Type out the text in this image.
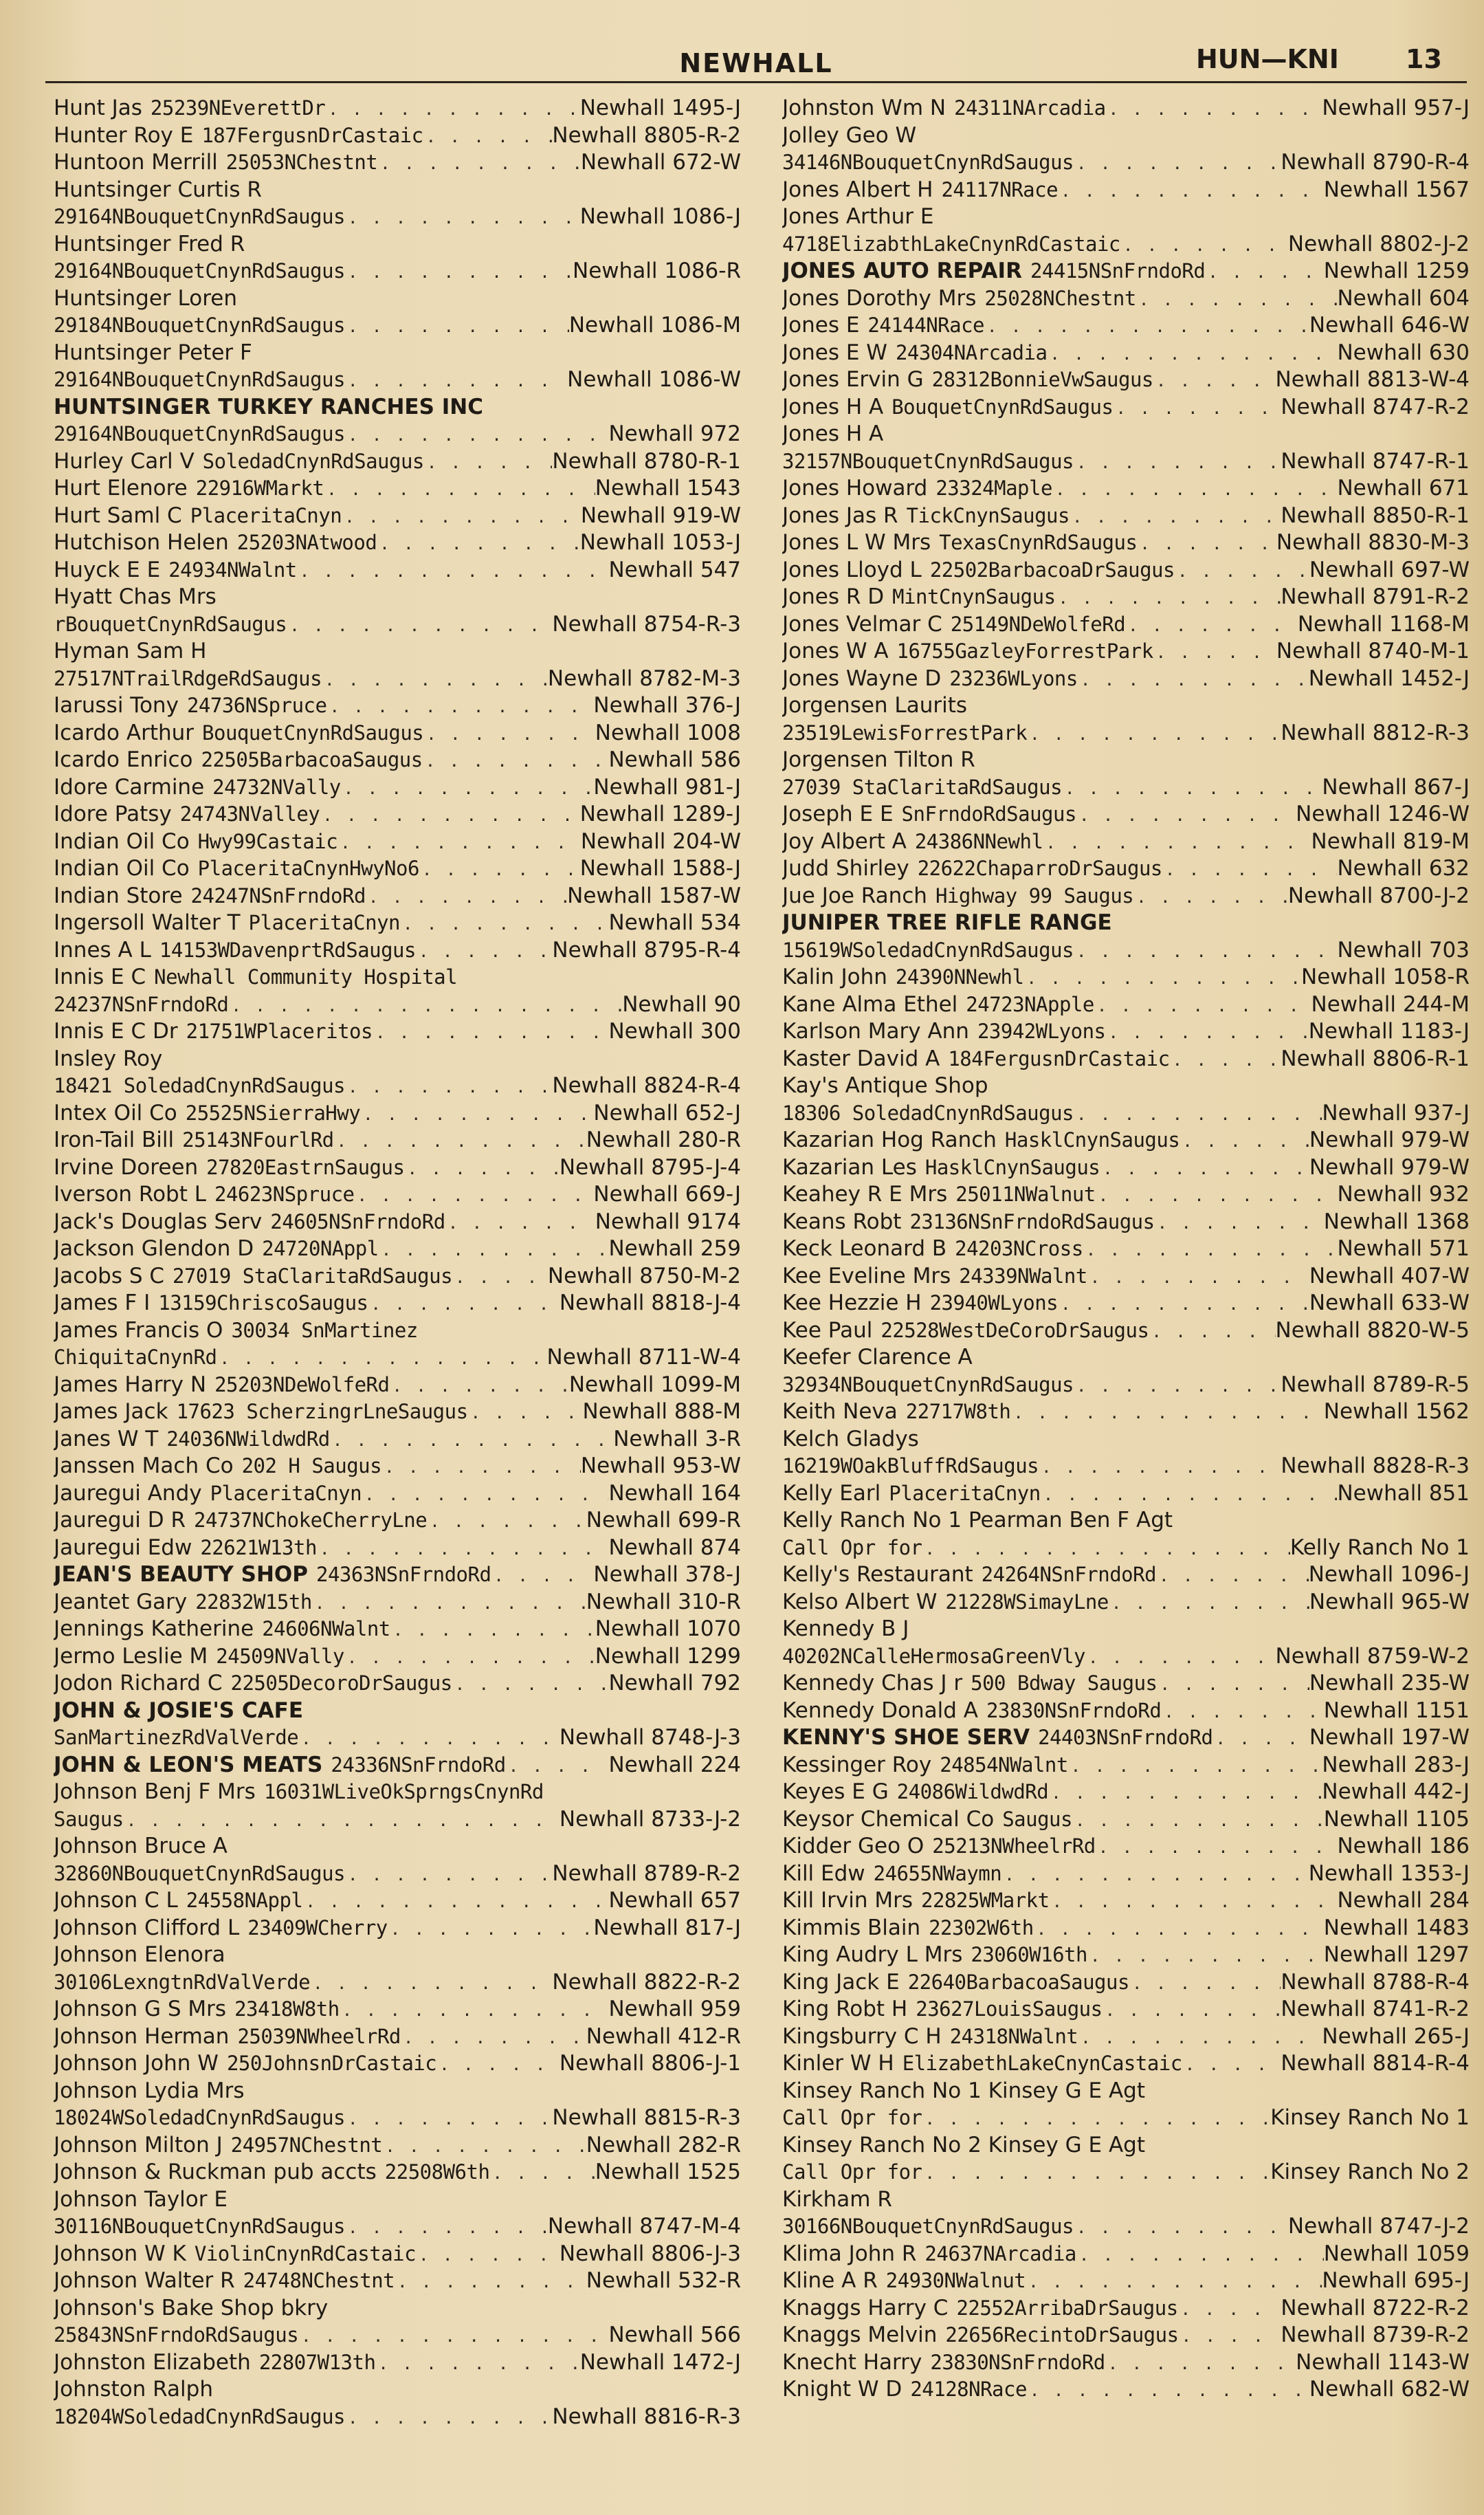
NEWHALL	HUN—KNI	13
Hunt Jas 25239NEverettDr . . .	Newhall 1495-J
Hunter Roy E 187FergusnDrCastaic . . .	Newhall 8805-R-2
Huntoon Merrill 25053NChestnt . . .	Newhall 672-W
Huntsinger Curtis R
29164NBouquetCnynRdSaugus . . .	Newhall 1086-J
Huntsinger Fred R
29164NBouquetCnynRdSaugus . . .	Newhall 1086-R
Huntsinger Loren
29184NBouquetCnynRdSaugus . . .	Newhall 1086-M
Huntsinger Peter F
29164NBouquetCnynRdSaugus . . .	Newhall 1086-W
HUNTSINGER TURKEY RANCHES INC
29164NBouquetCnynRdSaugus . . .	Newhall 972
Hurley Carl V SoledadCnynRdSaugus . . .	Newhall 8780-R-1
Hurt Elenore 22916WMarkt . . .	Newhall 1543
Hurt Saml C PlaceritaCnyn . . .	Newhall 919-W
Hutchison Helen 25203NAtwood . . .	Newhall 1053-J
Huyck E E 24934NWalnt . . .	Newhall 547
Hyatt Chas Mrs
rBouquetCnynRdSaugus . . .	Newhall 8754-R-3
Hyman Sam H
27517NTrailRdgeRdSaugus . . .	Newhall 8782-M-3
Iarussi Tony 24736NSpruce . . .	Newhall 376-J
Icardo Arthur BouquetCnynRdSaugus . . .	Newhall 1008
Icardo Enrico 22505BarbacoaSaugus . . .	Newhall 586
Idore Carmine 24732NVally . . .	Newhall 981-J
Idore Patsy 24743NValley . . .	Newhall 1289-J
Indian Oil Co Hwy99Castaic . . .	Newhall 204-W
Indian Oil Co PlaceritaCnynHwyNo6 . . .	Newhall 1588-J
Indian Store 24247NSnFrndoRd . . .	Newhall 1587-W
Ingersoll Walter T PlaceritaCnyn . . .	Newhall 534
Innes A L 14153WDavenprtRdSaugus . . .	Newhall 8795-R-4
Innis E C Newhall Community Hospital
24237NSnFrndoRd . . .	Newhall 90
Innis E C Dr 21751WPlaceritos . . .	Newhall 300
Insley Roy
18421 SoledadCnynRdSaugus . . .	Newhall 8824-R-4
Intex Oil Co 25525NSierraHwy . . .	Newhall 652-J
Iron-Tail Bill 25143NFourlRd . . .	Newhall 280-R
Irvine Doreen 27820EastrnSaugus . . .	Newhall 8795-J-4
Iverson Robt L 24623NSpruce . . .	Newhall 669-J
Jack's Douglas Serv 24605NSnFrndoRd . . .	Newhall 9174
Jackson Glendon D 24720NAppl . . .	Newhall 259
Jacobs S C 27019 StaClaritaRdSaugus . . .	Newhall 8750-M-2
James F I 13159ChriscoSaugus . . .	Newhall 8818-J-4
James Francis O 30034 SnMartinez
ChiquitaCnynRd . . .	Newhall 8711-W-4
James Harry N 25203NDeWolfeRd . . .	Newhall 1099-M
James Jack 17623 ScherzingrLneSaugus . . .	Newhall 888-M
Janes W T 24036NWildwdRd . . .	Newhall 3-R
Janssen Mach Co 202 H Saugus . . .	Newhall 953-W
Jauregui Andy PlaceritaCnyn . . .	Newhall 164
Jauregui D R 24737NChokeCherryLne . . .	Newhall 699-R
Jauregui Edw 22621W13th . . .	Newhall 874
JEAN'S BEAUTY SHOP 24363NSnFrndoRd . . .	Newhall 378-J
Jeantet Gary 22832W15th . . .	Newhall 310-R
Jennings Katherine 24606NWalnt . . .	Newhall 1070
Jermo Leslie M 24509NVally . . .	Newhall 1299
Jodon Richard C 22505DecoroDrSaugus . . .	Newhall 792
JOHN & JOSIE'S CAFE
SanMartinezRdValVerde . . .	Newhall 8748-J-3
JOHN & LEON'S MEATS 24336NSnFrndoRd . . .	Newhall 224
Johnson Benj F Mrs 16031WLiveOkSprngsCnynRd
Saugus . . .	Newhall 8733-J-2
Johnson Bruce A
32860NBouquetCnynRdSaugus . . .	Newhall 8789-R-2
Johnson C L 24558NAppl . . .	Newhall 657
Johnson Clifford L 23409WCherry . . .	Newhall 817-J
Johnson Elenora
30106LexngtnRdValVerde . . .	Newhall 8822-R-2
Johnson G S Mrs 23418W8th . . .	Newhall 959
Johnson Herman 25039NWheelrRd . . .	Newhall 412-R
Johnson John W 250JohnsnDrCastaic . . .	Newhall 8806-J-1
Johnson Lydia Mrs
18024WSoledadCnynRdSaugus . . .	Newhall 8815-R-3
Johnson Milton J 24957NChestnt . . .	Newhall 282-R
Johnson & Ruckman pub accts 22508W6th . . .	Newhall 1525
Johnson Taylor E
30116NBouquetCnynRdSaugus . . .	Newhall 8747-M-4
Johnson W K ViolinCnynRdCastaic . . .	Newhall 8806-J-3
Johnson Walter R 24748NChestnt . . .	Newhall 532-R
Johnson's Bake Shop bkry
25843NSnFrndoRdSaugus . . .	Newhall 566
Johnston Elizabeth 22807W13th . . .	Newhall 1472-J
Johnston Ralph
18204WSoledadCnynRdSaugus . . .	Newhall 8816-R-3
Johnston Wm N 24311NArcadia . . .	Newhall 957-J
Jolley Geo W
34146NBouquetCnynRdSaugus . . .	Newhall 8790-R-4
Jones Albert H 24117NRace . . .	Newhall 1567
Jones Arthur E
4718ElizabthLakeCnynRdCastaic . . .	Newhall 8802-J-2
JONES AUTO REPAIR 24415NSnFrndoRd . . .	Newhall 1259
Jones Dorothy Mrs 25028NChestnt . . .	Newhall 604
Jones E 24144NRace . . .	Newhall 646-W
Jones E W 24304NArcadia . . .	Newhall 630
Jones Ervin G 28312BonnieVwSaugus . . .	Newhall 8813-W-4
Jones H A BouquetCnynRdSaugus . . .	Newhall 8747-R-2
Jones H A
32157NBouquetCnynRdSaugus . . .	Newhall 8747-R-1
Jones Howard 23324Maple . . .	Newhall 671
Jones Jas R TickCnynSaugus . . .	Newhall 8850-R-1
Jones L W Mrs TexasCnynRdSaugus . . .	Newhall 8830-M-3
Jones Lloyd L 22502BarbacoaDrSaugus . . .	Newhall 697-W
Jones R D MintCnynSaugus . . .	Newhall 8791-R-2
Jones Velmar C 25149NDeWolfeRd . . .	Newhall 1168-M
Jones W A 16755GazleyForrestPark . . .	Newhall 8740-M-1
Jones Wayne D 23236WLyons . . .	Newhall 1452-J
Jorgensen Laurits
23519LewisForrestPark . . .	Newhall 8812-R-3
Jorgensen Tilton R
27039 StaClaritaRdSaugus . . .	Newhall 867-J
Joseph E E SnFrndoRdSaugus . . .	Newhall 1246-W
Joy Albert A 24386NNewhl . . .	Newhall 819-M
Judd Shirley 22622ChaparroDrSaugus . . .	Newhall 632
Jue Joe Ranch Highway 99 Saugus . . .	Newhall 8700-J-2
JUNIPER TREE RIFLE RANGE
15619WSoledadCnynRdSaugus . . .	Newhall 703
Kalin John 24390NNewhl . . .	Newhall 1058-R
Kane Alma Ethel 24723NApple . . .	Newhall 244-M
Karlson Mary Ann 23942WLyons . . .	Newhall 1183-J
Kaster David A 184FergusnDrCastaic . . .	Newhall 8806-R-1
Kay's Antique Shop
18306 SoledadCnynRdSaugus . . .	Newhall 937-J
Kazarian Hog Ranch HasklCnynSaugus . . .	Newhall 979-W
Kazarian Les HasklCnynSaugus . . .	Newhall 979-W
Keahey R E Mrs 25011NWalnut . . .	Newhall 932
Keans Robt 23136NSnFrndoRdSaugus . . .	Newhall 1368
Keck Leonard B 24203NCross . . .	Newhall 571
Kee Eveline Mrs 24339NWalnt . . .	Newhall 407-W
Kee Hezzie H 23940WLyons . . .	Newhall 633-W
Kee Paul 22528WestDeCoroDrSaugus . . .	Newhall 8820-W-5
Keefer Clarence A
32934NBouquetCnynRdSaugus . . .	Newhall 8789-R-5
Keith Neva 22717W8th . . .	Newhall 1562
Kelch Gladys
16219WOakBluffRdSaugus . . .	Newhall 8828-R-3
Kelly Earl PlaceritaCnyn . . .	Newhall 851
Kelly Ranch No 1 Pearman Ben F Agt
Call Opr for . . .	Kelly Ranch No 1
Kelly's Restaurant 24264NSnFrndoRd . . .	Newhall 1096-J
Kelso Albert W 21228WSimayLne . . .	Newhall 965-W
Kennedy B J
40202NCalleHermosaGreenVly . . .	Newhall 8759-W-2
Kennedy Chas J r 500 Bdway Saugus . . .	Newhall 235-W
Kennedy Donald A 23830NSnFrndoRd . . .	Newhall 1151
KENNY'S SHOE SERV 24403NSnFrndoRd . . .	Newhall 197-W
Kessinger Roy 24854NWalnt . . .	Newhall 283-J
Keyes E G 24086WildwdRd . . .	Newhall 442-J
Keysor Chemical Co Saugus . . .	Newhall 1105
Kidder Geo O 25213NWheelrRd . . .	Newhall 186
Kill Edw 24655NWaymn . . .	Newhall 1353-J
Kill Irvin Mrs 22825WMarkt . . .	Newhall 284
Kimmis Blain 22302W6th . . .	Newhall 1483
King Audry L Mrs 23060W16th . . .	Newhall 1297
King Jack E 22640BarbacoaSaugus . . .	Newhall 8788-R-4
King Robt H 23627LouisSaugus . . .	Newhall 8741-R-2
Kingsburry C H 24318NWalnt . . .	Newhall 265-J
Kinler W H ElizabethLakeCnynCastaic . . .	Newhall 8814-R-4
Kinsey Ranch No 1 Kinsey G E Agt
Call Opr for . . .	Kinsey Ranch No 1
Kinsey Ranch No 2 Kinsey G E Agt
Call Opr for . . .	Kinsey Ranch No 2
Kirkham R
30166NBouquetCnynRdSaugus . . .	Newhall 8747-J-2
Klima John R 24637NArcadia . . .	Newhall 1059
Kline A R 24930NWalnut . . .	Newhall 695-J
Knaggs Harry C 22552ArribaDrSaugus . . .	Newhall 8722-R-2
Knaggs Melvin 22656RecintoDrSaugus . . .	Newhall 8739-R-2
Knecht Harry 23830NSnFrndoRd . . .	Newhall 1143-W
Knight W D 24128NRace . . .	Newhall 682-W
